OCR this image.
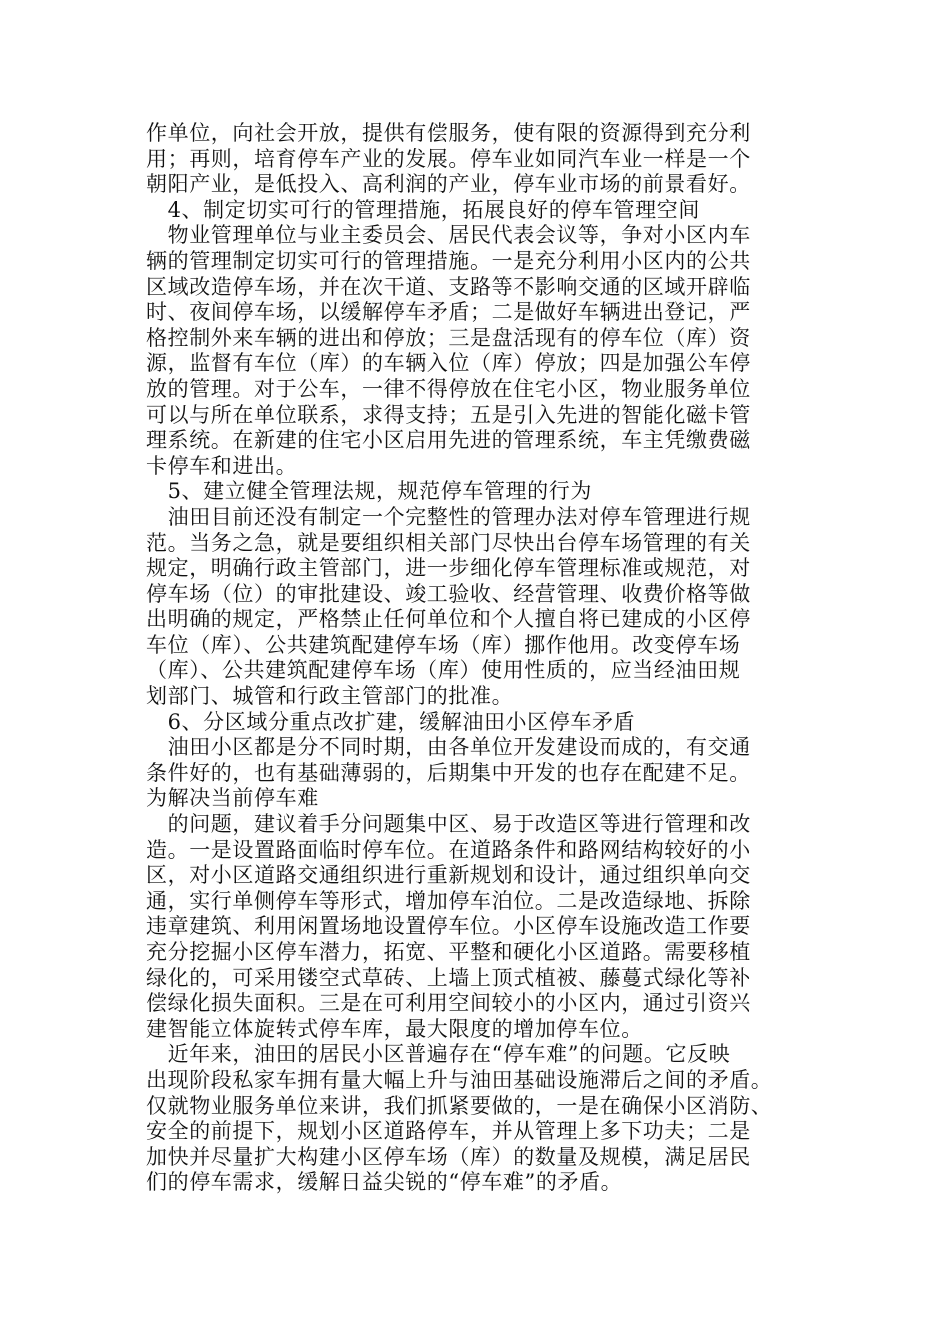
作单位，向社会开放，提供有偿服务，使有限的资源得到充分利
用；再则，培育停车产业的发展。停车业如同汽车业一样是一个
朝阳产业，是低投入、高利润的产业，停车业市场的前景看好。
　4、制定切实可行的管理措施，拓展良好的停车管理空间
　物业管理单位与业主委员会、居民代表会议等，争对小区内车
辆的管理制定切实可行的管理措施。一是充分利用小区内的公共
区域改造停车场，并在次干道、支路等不影响交通的区域开辟临
时、夜间停车场，以缓解停车矛盾；二是做好车辆进出登记，严
格控制外来车辆的进出和停放；三是盘活现有的停车位（库）资
源，监督有车位（库）的车辆入位（库）停放；四是加强公车停
放的管理。对于公车，一律不得停放在住宅小区，物业服务单位
可以与所在单位联系，求得支持；五是引入先进的智能化磁卡管
理系统。在新建的住宅小区启用先进的管理系统，车主凭缴费磁
卡停车和进出。
　5、建立健全管理法规，规范停车管理的行为
　油田目前还没有制定一个完整性的管理办法对停车管理进行规
范。当务之急，就是要组织相关部门尽快出台停车场管理的有关
规定，明确行政主管部门，进一步细化停车管理标准或规范，对
停车场（位）的审批建设、竣工验收、经营管理、收费价格等做
出明确的规定，严格禁止任何单位和个人擅自将已建成的小区停
车位（库）、公共建筑配建停车场（库）挪作他用。改变停车场
（库）、公共建筑配建停车场（库）使用性质的，应当经油田规
划部门、城管和行政主管部门的批准。
　6、分区域分重点改扩建，缓解油田小区停车矛盾
　油田小区都是分不同时期，由各单位开发建设而成的，有交通
条件好的，也有基础薄弱的，后期集中开发的也存在配建不足。
为解决当前停车难
　的问题，建议着手分问题集中区、易于改造区等进行管理和改
造。一是设置路面临时停车位。在道路条件和路网结构较好的小
区，对小区道路交通组织进行重新规划和设计，通过组织单向交
通，实行单侧停车等形式，增加停车泊位。二是改造绿地、拆除
违章建筑、利用闲置场地设置停车位。小区停车设施改造工作要
充分挖掘小区停车潜力，拓宽、平整和硬化小区道路。需要移植
绿化的，可采用镂空式草砖、上墙上顶式植被、藤蔓式绿化等补
偿绿化损失面积。三是在可利用空间较小的小区内，通过引资兴
建智能立体旋转式停车库，最大限度的增加停车位。
　近年来，油田的居民小区普遍存在“停车难”的问题。它反映
出现阶段私家车拥有量大幅上升与油田基础设施滞后之间的矛盾。
仅就物业服务单位来讲，我们抓紧要做的，一是在确保小区消防、
安全的前提下，规划小区道路停车，并从管理上多下功夫；二是
加快并尽量扩大构建小区停车场（库）的数量及规模，满足居民
们的停车需求，缓解日益尖锐的“停车难”的矛盾。
